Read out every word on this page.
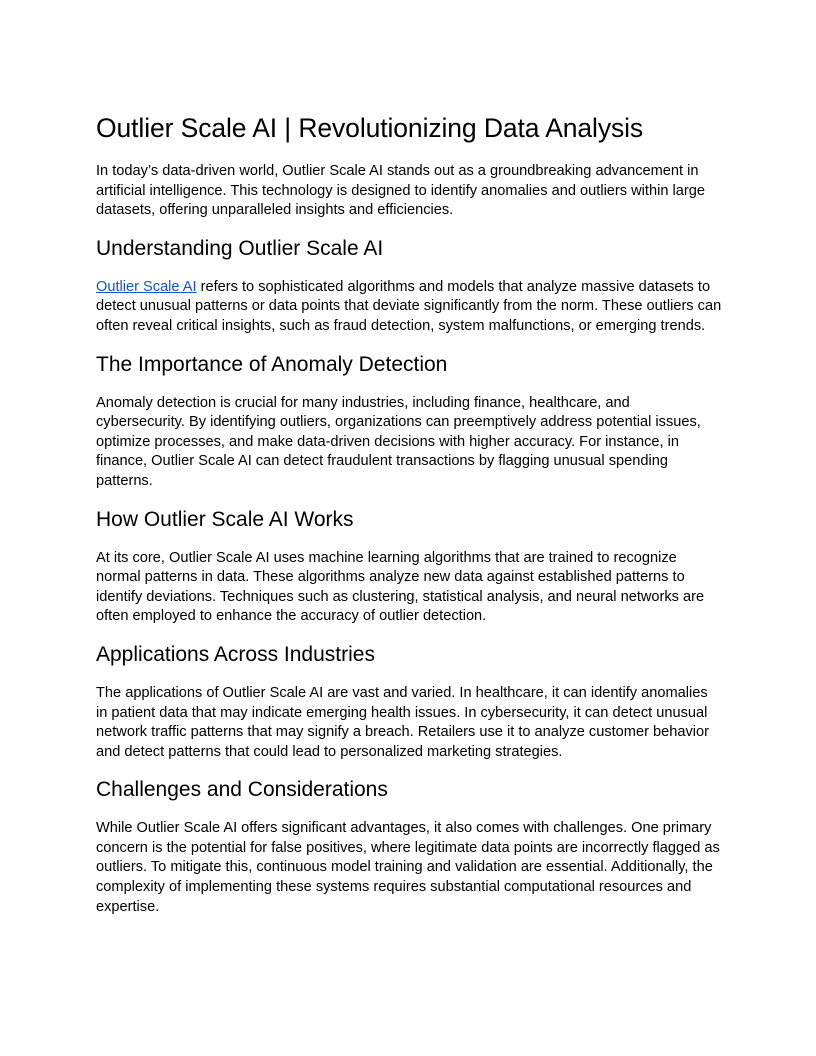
Outlier Scale AI | Revolutionizing Data Analysis

In today’s data-driven world, Outlier Scale AI stands out as a groundbreaking advancement in artificial intelligence. This technology is designed to identify anomalies and outliers within large datasets, offering unparalleled insights and efficiencies.

Understanding Outlier Scale AI

Outlier Scale AI refers to sophisticated algorithms and models that analyze massive datasets to detect unusual patterns or data points that deviate significantly from the norm. These outliers can often reveal critical insights, such as fraud detection, system malfunctions, or emerging trends.

The Importance of Anomaly Detection

Anomaly detection is crucial for many industries, including finance, healthcare, and cybersecurity. By identifying outliers, organizations can preemptively address potential issues, optimize processes, and make data-driven decisions with higher accuracy. For instance, in finance, Outlier Scale AI can detect fraudulent transactions by flagging unusual spending patterns.

How Outlier Scale AI Works

At its core, Outlier Scale AI uses machine learning algorithms that are trained to recognize normal patterns in data. These algorithms analyze new data against established patterns to identify deviations. Techniques such as clustering, statistical analysis, and neural networks are often employed to enhance the accuracy of outlier detection.

Applications Across Industries

The applications of Outlier Scale AI are vast and varied. In healthcare, it can identify anomalies in patient data that may indicate emerging health issues. In cybersecurity, it can detect unusual network traffic patterns that may signify a breach. Retailers use it to analyze customer behavior and detect patterns that could lead to personalized marketing strategies.

Challenges and Considerations

While Outlier Scale AI offers significant advantages, it also comes with challenges. One primary concern is the potential for false positives, where legitimate data points are incorrectly flagged as outliers. To mitigate this, continuous model training and validation are essential. Additionally, the complexity of implementing these systems requires substantial computational resources and expertise.
